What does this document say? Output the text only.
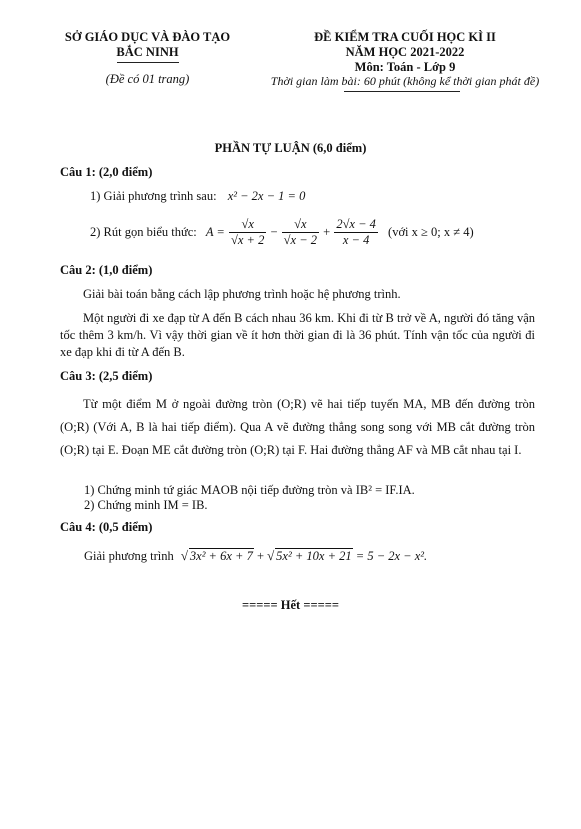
SỞ GIÁO DỤC VÀ ĐÀO TẠO
BẮC NINH
(Đề có 01 trang)
ĐỀ KIỂM TRA CUỐI HỌC KÌ II
NĂM HỌC 2021-2022
Môn: Toán - Lớp 9
Thời gian làm bài: 60 phút (không kể thời gian phát đề)
PHẦN TỰ LUẬN (6,0 điểm)
Câu 1: (2,0 điểm)
1) Giải phương trình sau: x² − 2x − 1 = 0
2) Rút gọn biểu thức: $A = \frac{√x}{√x + 2} - \frac{√x}{√x - 2} + \frac{2√x - 4}{x - 4}$ (với x ≥ 0; x ≠ 4)
Câu 2: (1,0 điểm)
Giải bài toán bằng cách lập phương trình hoặc hệ phương trình.
Một người đi xe đạp từ A đến B cách nhau 36 km. Khi đi từ B trở về A, người đó tăng vận tốc thêm 3 km/h. Vì vậy thời gian về ít hơn thời gian đi là 36 phút. Tính vận tốc của người đi xe đạp khi đi từ A đến B.
Câu 3: (2,5 điểm)
Từ một điểm M ở ngoài đường tròn (O;R) vẽ hai tiếp tuyến MA, MB đến đường tròn (O;R) (Với A, B là hai tiếp điểm). Qua A vẽ đường thẳng song song với MB cắt đường tròn (O;R) tại E. Đoạn ME cắt đường tròn (O;R) tại F. Hai đường thẳng AF và MB cắt nhau tại I.
1) Chứng minh tứ giác MAOB nội tiếp đường tròn và IB² = IF.IA.
2) Chứng minh IM = IB.
Câu 4: (0,5 điểm)
Giải phương trình √ 3x² + 6x + 7 + √ 5x² + 10x + 21 = 5 − 2x − x².
===== Hết =====
